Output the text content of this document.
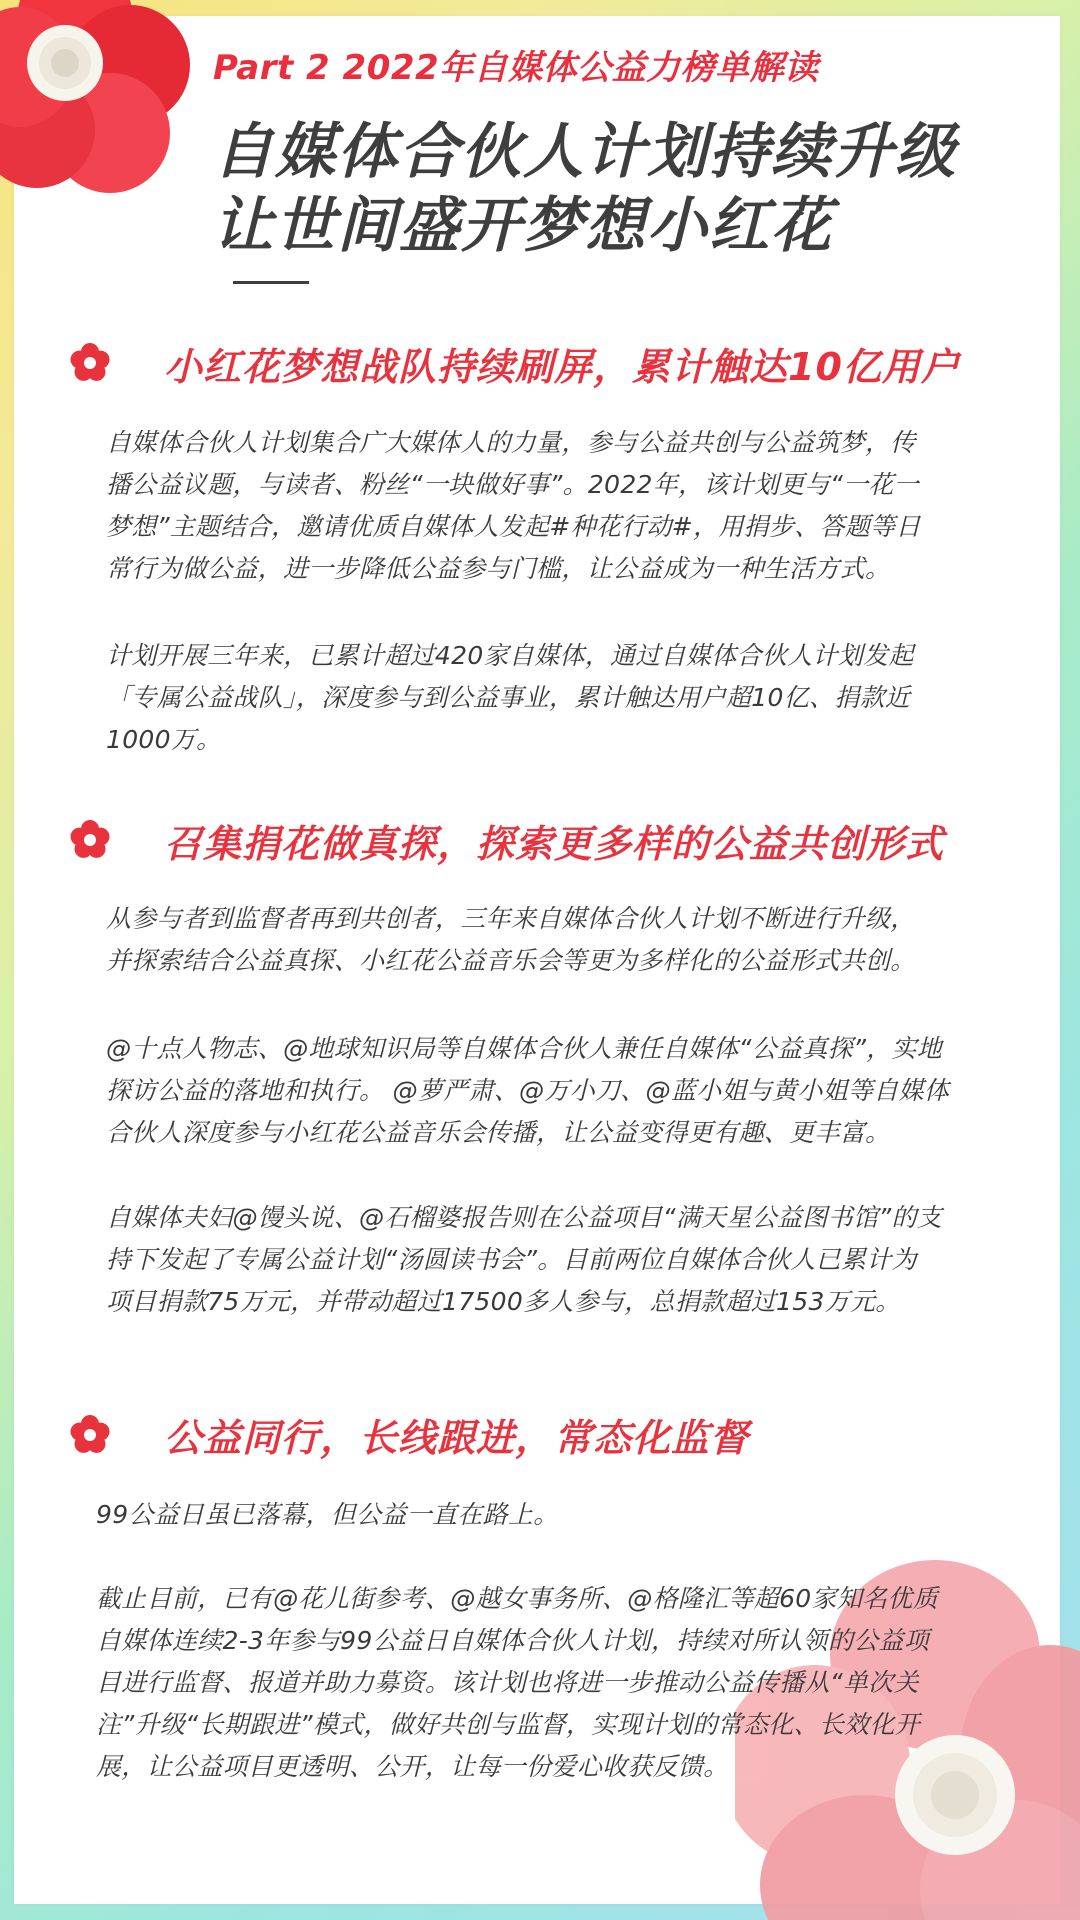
Part 2 2022年自媒体公益力榜单解读
自媒体合伙人计划持续升级
让世间盛开梦想小红花
小红花梦想战队持续刷屏，累计触达10亿用户
自媒体合伙人计划集合广大媒体人的力量，参与公益共创与公益筑梦，传
播公益议题，与读者、粉丝“一块做好事”。2022年，该计划更与“一花一
梦想”主题结合，邀请优质自媒体人发起#种花行动#，用捐步、答题等日
常行为做公益，进一步降低公益参与门槛，让公益成为一种生活方式。
计划开展三年来，已累计超过420家自媒体，通过自媒体合伙人计划发起
「专属公益战队」，深度参与到公益事业，累计触达用户超10亿、捐款近
1000万。
召集捐花做真探，探索更多样的公益共创形式
从参与者到监督者再到共创者，三年来自媒体合伙人计划不断进行升级，
并探索结合公益真探、小红花公益音乐会等更为多样化的公益形式共创。
@十点人物志、@地球知识局等自媒体合伙人兼任自媒体“公益真探”，实地
探访公益的落地和执行。 @萝严肃、@万小刀、@蓝小姐与黄小姐等自媒体
合伙人深度参与小红花公益音乐会传播，让公益变得更有趣、更丰富。
自媒体夫妇@馒头说、@石榴婆报告则在公益项目“满天星公益图书馆”的支
持下发起了专属公益计划“汤圆读书会”。目前两位自媒体合伙人已累计为
项目捐款75万元，并带动超过17500多人参与，总捐款超过153万元。
公益同行，长线跟进，常态化监督
99公益日虽已落幕，但公益一直在路上。
截止目前，已有@花儿街参考、@越女事务所、@格隆汇等超60家知名优质
自媒体连续2-3年参与99公益日自媒体合伙人计划，持续对所认领的公益项
目进行监督、报道并助力募资。该计划也将进一步推动公益传播从“单次关
注”升级“长期跟进”模式，做好共创与监督，实现计划的常态化、长效化开
展，让公益项目更透明、公开，让每一份爱心收获反馈。
